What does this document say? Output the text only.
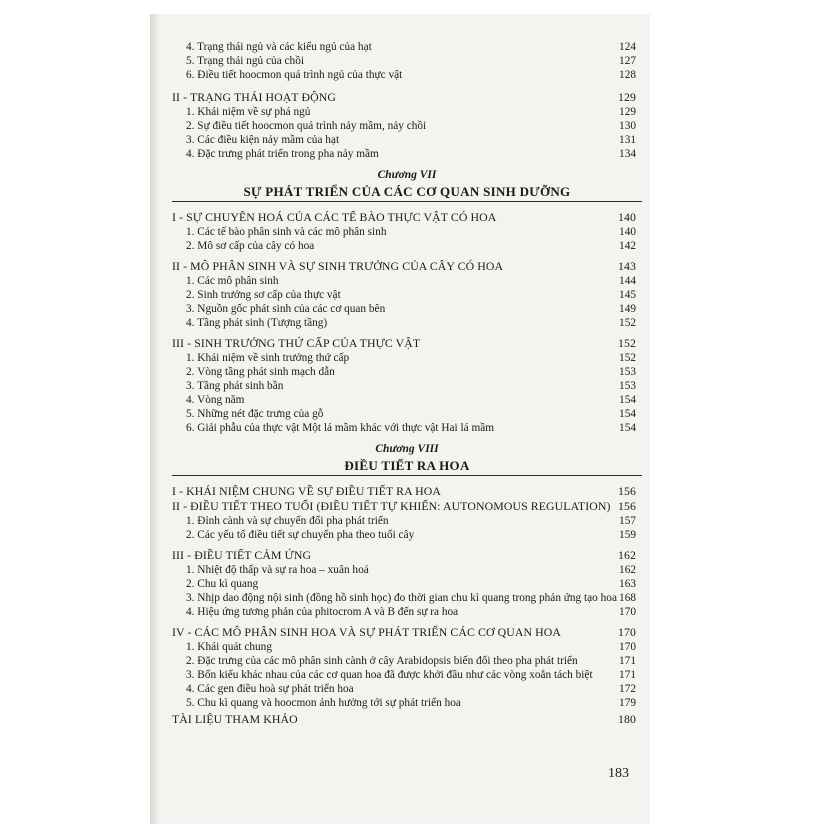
4. Trạng thái ngủ và các kiểu ngủ của hạt	124
5. Trạng thái ngủ của chồi	127
6. Điều tiết hoocmon quá trình ngủ của thực vật	128
II - TRẠNG THÁI HOẠT ĐỘNG	129
1. Khái niệm về sự phá ngủ	129
2. Sự điều tiết hoocmon quá trình nảy mầm, nảy chồi	130
3. Các điều kiện nảy mầm của hạt	131
4. Đặc trưng phát triển trong pha nảy mầm	134
Chương VII
SỰ PHÁT TRIỂN CỦA CÁC CƠ QUAN SINH DƯỠNG
I - SỰ CHUYÊN HOÁ CỦA CÁC TẾ BÀO THỰC VẬT CÓ HOA	140
1. Các tế bào phân sinh và các mô phân sinh	140
2. Mô sơ cấp của cây có hoa	142
II - MÔ PHÂN SINH VÀ SỰ SINH TRƯỞNG CỦA CÂY CÓ HOA	143
1. Các mô phân sinh	144
2. Sinh trưởng sơ cấp của thực vật	145
3. Nguồn gốc phát sinh của các cơ quan bên	149
4. Tầng phát sinh (Tượng tầng)	152
III - SINH TRƯỞNG THỨ CẤP CỦA THỰC VẬT	152
1. Khái niệm về sinh trưởng thứ cấp	152
2. Vòng tầng phát sinh mạch dẫn	153
3. Tầng phát sinh bần	153
4. Vòng năm	154
5. Những nét đặc trưng của gỗ	154
6. Giải phẫu của thực vật Một lá mầm khác với thực vật Hai lá mầm	154
Chương VIII
ĐIỀU TIẾT RA HOA
I - KHÁI NIỆM CHUNG VỀ SỰ ĐIỀU TIẾT RA HOA	156
II - ĐIỀU TIẾT THEO TUỔI (ĐIỀU TIẾT TỰ KHIỂN: AUTONOMOUS REGULATION) 156
1. Đỉnh cành và sự chuyển đổi pha phát triển	157
2. Các yếu tố điều tiết sự chuyển pha theo tuổi cây	159
III - ĐIỀU TIẾT CẢM ỨNG	162
1. Nhiệt độ thấp và sự ra hoa – xuân hoá	162
2. Chu kì quang	163
3. Nhịp dao động nội sinh (đồng hồ sinh học) đo thời gian chu kì quang trong phản ứng tạo hoa 168
4. Hiệu ứng tương phản của phitocrom A và B đến sự ra hoa	170
IV - CÁC MÔ PHÂN SINH HOA VÀ SỰ PHÁT TRIỂN CÁC CƠ QUAN HOA	170
1. Khái quát chung	170
2. Đặc trưng của các mô phân sinh cành ở cây Arabidopsis biến đổi theo pha phát triển	171
3. Bốn kiểu khác nhau của các cơ quan hoa đã được khởi đầu như các vòng xoắn tách biệt 171
4. Các gen điều hoà sự phát triển hoa	172
5. Chu kì quang và hoocmon ảnh hưởng tới sự phát triển hoa	179
TÀI LIỆU THAM KHẢO	180
183
